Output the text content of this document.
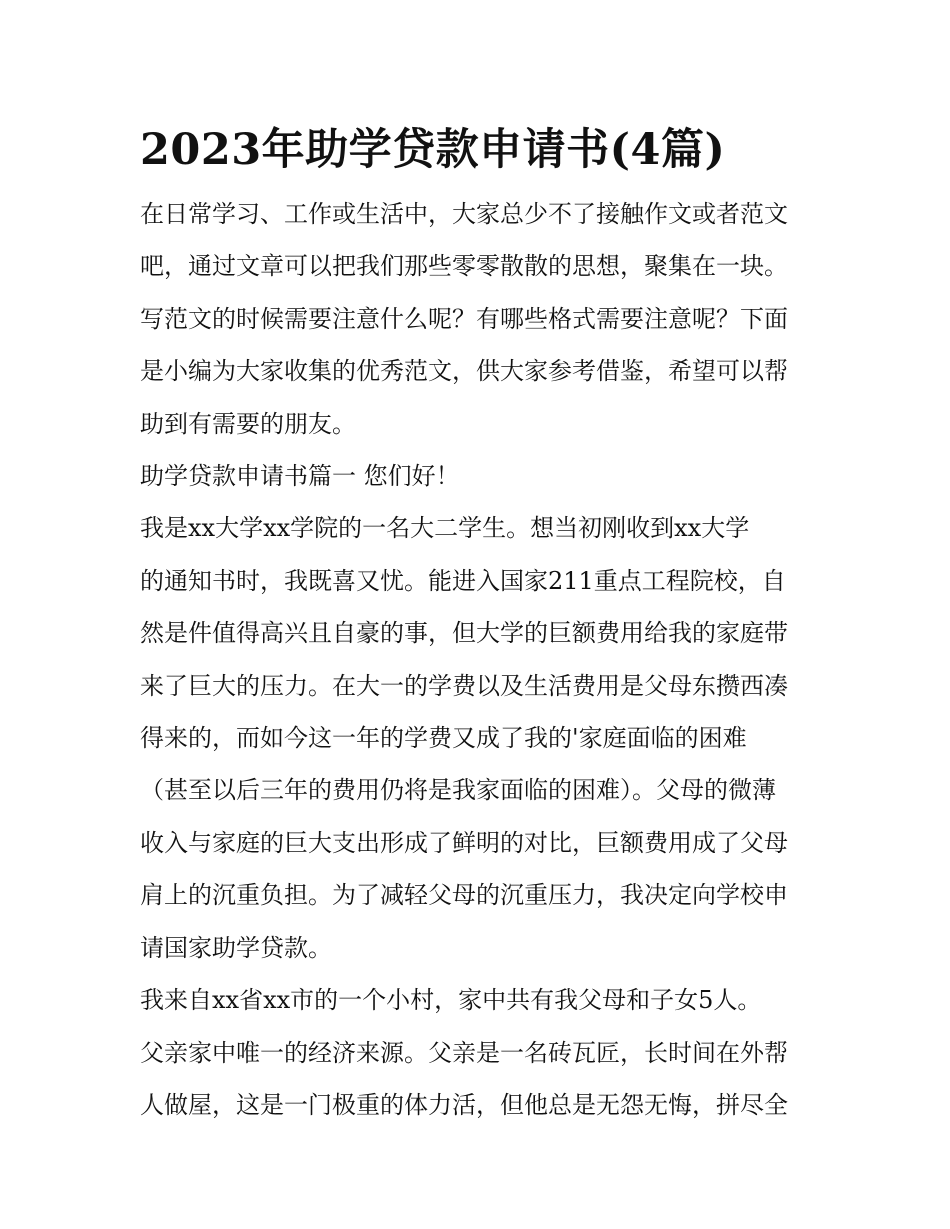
2023年助学贷款申请书(4篇)
在日常学习、工作或生活中，大家总少不了接触作文或者范文
吧，通过文章可以把我们那些零零散散的思想，聚集在一块。
写范文的时候需要注意什么呢？有哪些格式需要注意呢？下面
是小编为大家收集的优秀范文，供大家参考借鉴，希望可以帮
助到有需要的朋友。
助学贷款申请书篇一 您们好！
我是xx大学xx学院的一名大二学生。想当初刚收到xx大学
的通知书时，我既喜又忧。能进入国家211重点工程院校，自
然是件值得高兴且自豪的事，但大学的巨额费用给我的家庭带
来了巨大的压力。在大一的学费以及生活费用是父母东攒西凑
得来的，而如今这一年的学费又成了我的'家庭面临的困难
（甚至以后三年的费用仍将是我家面临的困难）。父母的微薄
收入与家庭的巨大支出形成了鲜明的对比，巨额费用成了父母
肩上的沉重负担。为了减轻父母的沉重压力，我决定向学校申
请国家助学贷款。
我来自xx省xx市的一个小村，家中共有我父母和子女5人。
父亲家中唯一的经济来源。父亲是一名砖瓦匠，长时间在外帮
人做屋，这是一门极重的体力活，但他总是无怨无悔，拼尽全
